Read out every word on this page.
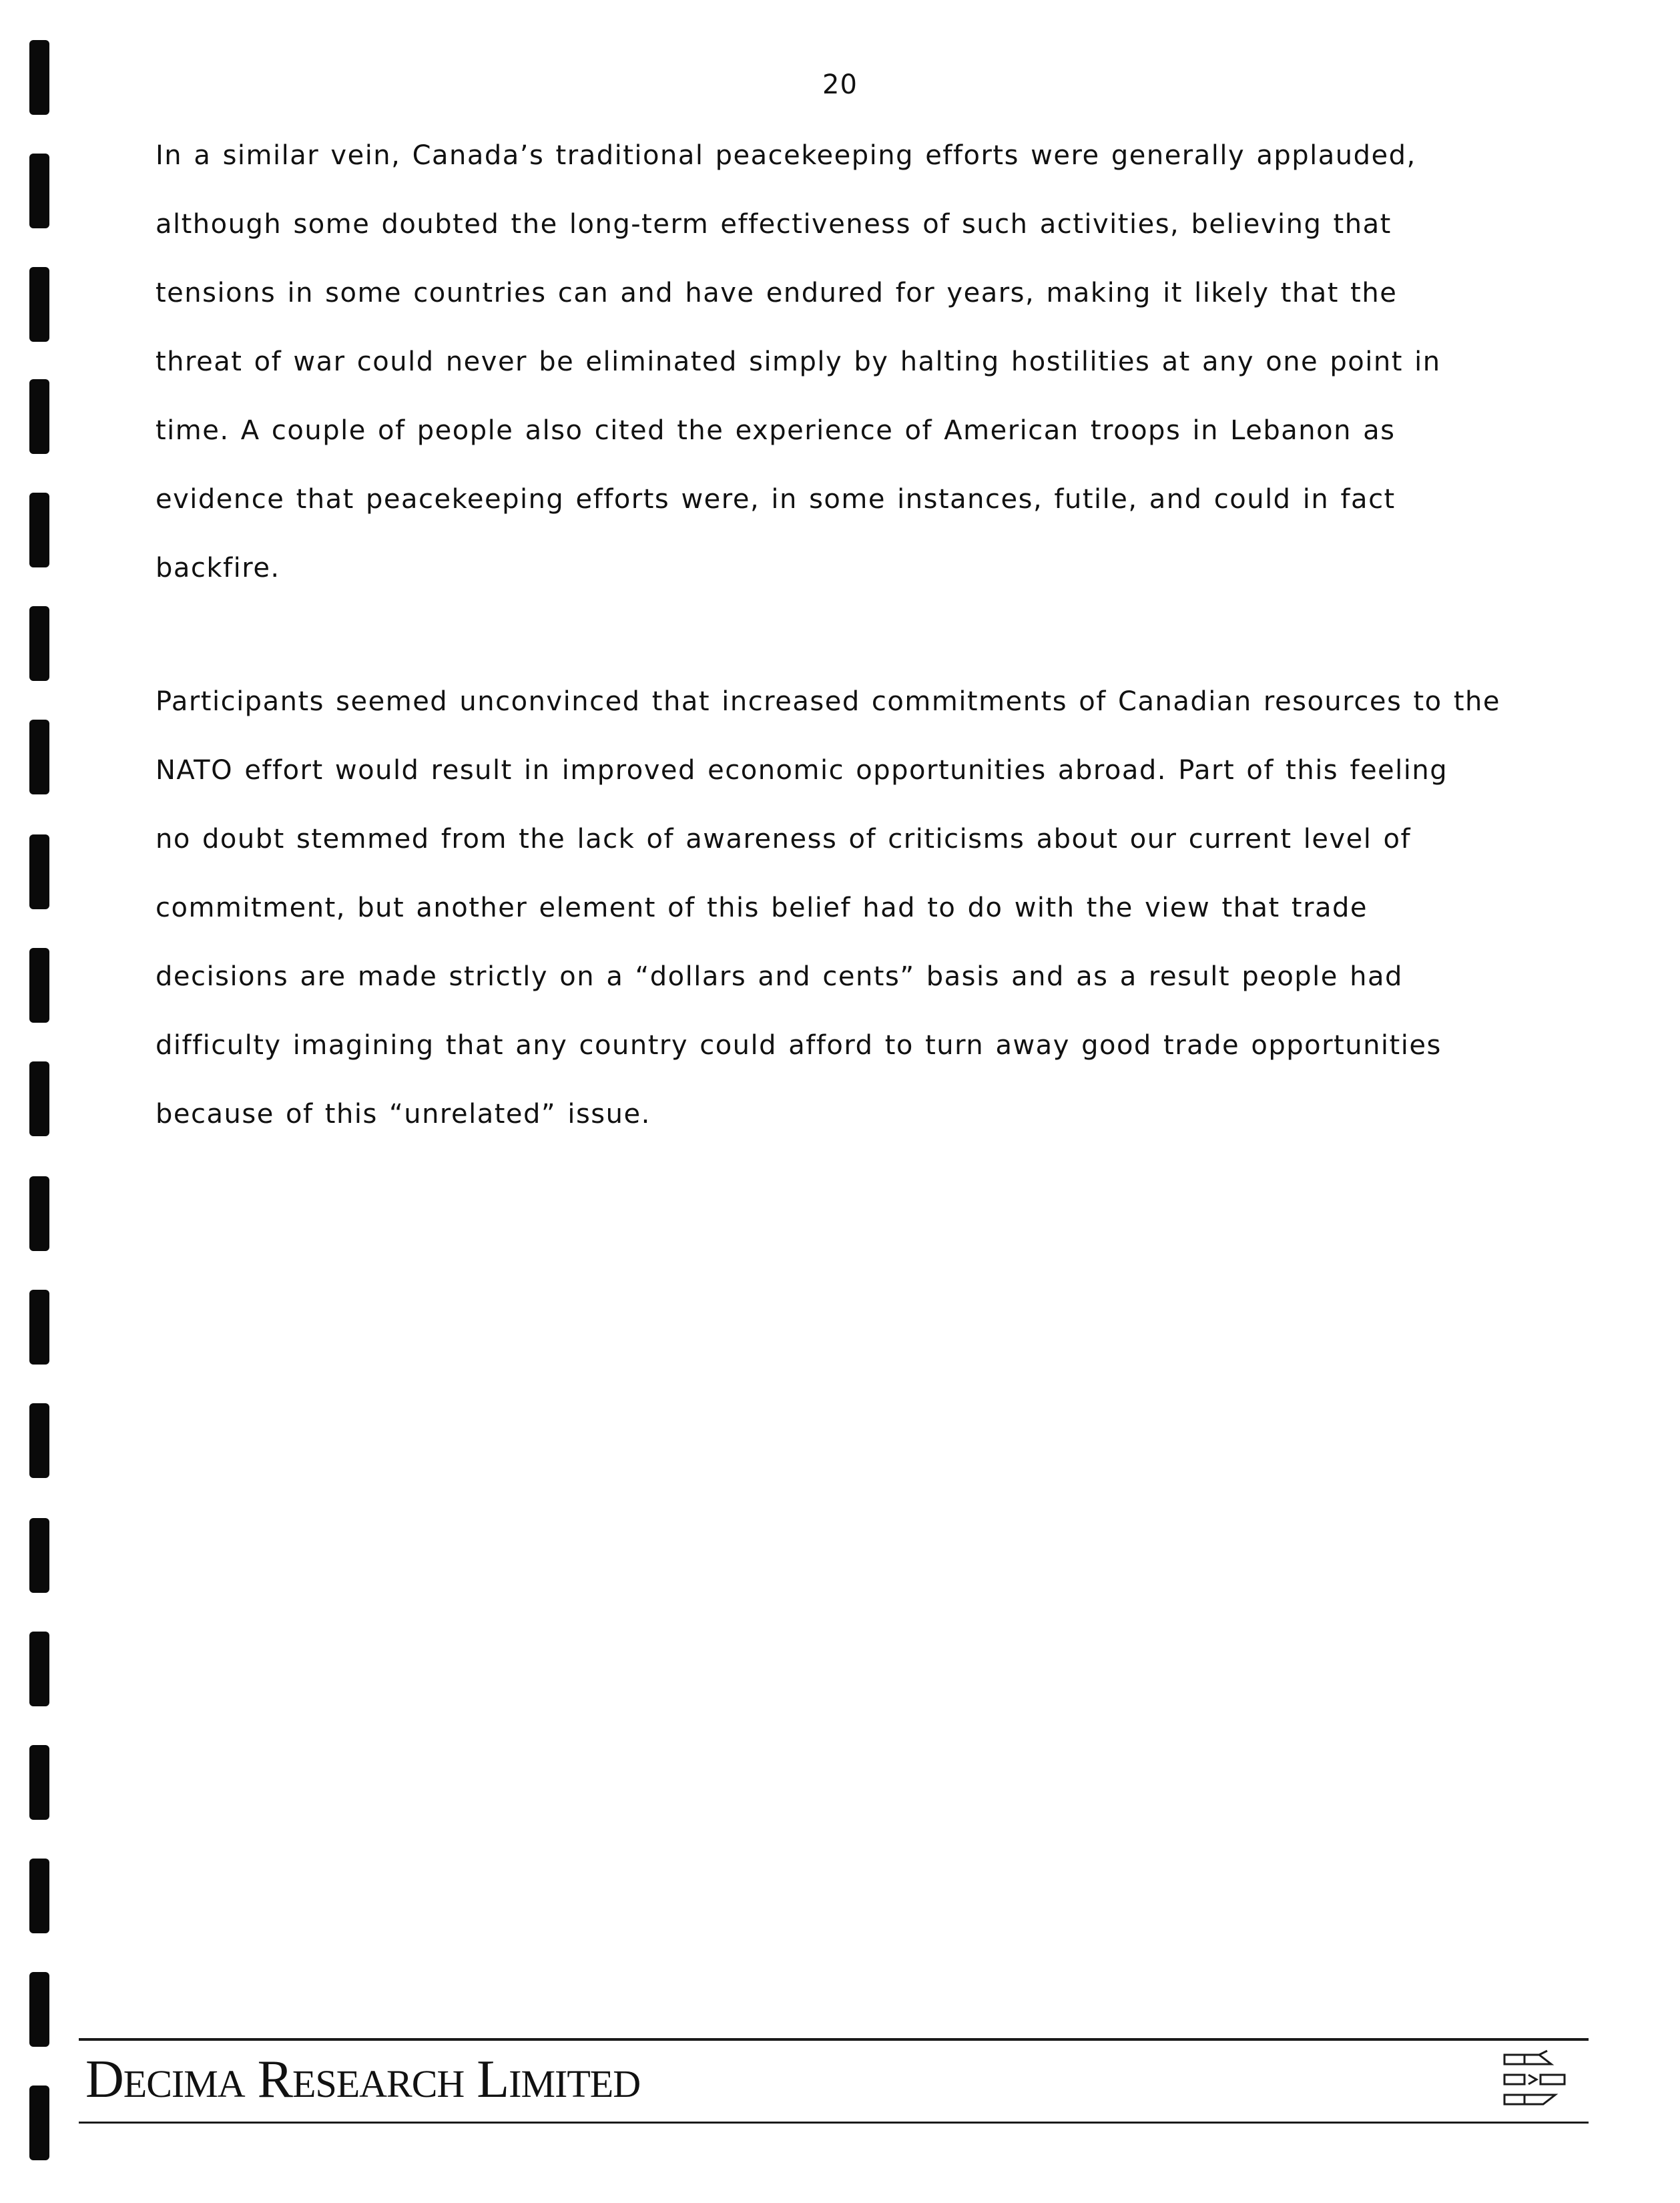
20

In a similar vein, Canada’s traditional peacekeeping efforts were generally applauded,
although some doubted the long-term effectiveness of such activities, believing that
tensions in some countries can and have endured for years, making it likely that the
threat of war could never be eliminated simply by halting hostilities at any one point in
time. A couple of people also cited the experience of American troops in Lebanon as
evidence that peacekeeping efforts were, in some instances, futile, and could in fact
backfire.

Participants seemed unconvinced that increased commitments of Canadian resources to the
NATO effort would result in improved economic opportunities abroad. Part of this feeling
no doubt stemmed from the lack of awareness of criticisms about our current level of
commitment, but another element of this belief had to do with the view that trade
decisions are made strictly on a “dollars and cents” basis and as a result people had
difficulty imagining that any country could afford to turn away good trade opportunities
because of this “unrelated” issue.

DECIMA RESEARCH LIMITED
